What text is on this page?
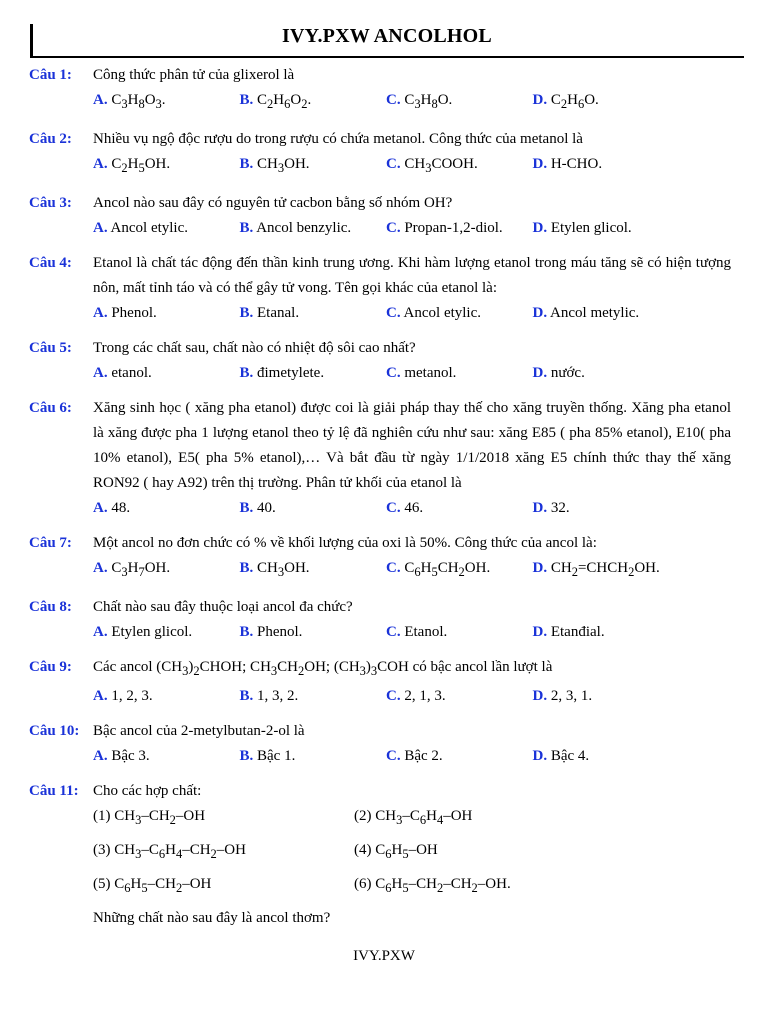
IVY.PXW ANCOLHOL
Câu 1:	Công thức phân tử của glixerol là
A. $C_3H_8O_3$.	B. $C_2H_6O_2$.	C. $C_3H_8O$.	D. $C_2H_6O$.
Câu 2:	Nhiều vụ ngộ độc rượu do trong rượu có chứa metanol. Công thức của metanol là
A. $C_2H_5OH$.	B. $CH_3OH$.	C. $CH_3COOH$.	D. H-CHO.
Câu 3:	Ancol nào sau đây có nguyên tử cacbon bằng số nhóm OH?
A. Ancol etylic.	B. Ancol benzylic.	C. Propan-1,2-diol.	D. Etylen glicol.
Câu 4:	Etanol là chất tác động đến thần kinh trung ương. Khi hàm lượng etanol trong máu tăng sẽ có hiện tượng nôn, mất tỉnh táo và có thể gây tử vong. Tên gọi khác của etanol là:
A. Phenol.	B. Etanal.	C. Ancol etylic.	D. Ancol metylic.
Câu 5:	Trong các chất sau, chất nào có nhiệt độ sôi cao nhất?
A. etanol.	B. đimetylete.	C. metanol.	D. nước.
Câu 6:	Xăng sinh học ( xăng pha etanol) được coi là giải pháp thay thế cho xăng truyền thống. Xăng pha etanol là xăng được pha 1 lượng etanol theo tỷ lệ đã nghiên cứu như sau: xăng E85 ( pha 85% etanol), E10( pha 10% etanol), E5( pha 5% etanol),… Và bắt đầu từ ngày 1/1/2018 xăng E5 chính thức thay thế xăng RON92 ( hay A92) trên thị trường. Phân tử khối của etanol là
A. 48.	B. 40.	C. 46.	D. 32.
Câu 7:	Một ancol no đơn chức có % về khối lượng của oxi là 50%. Công thức của ancol là:
A. $C_3H_7OH$.	B. $CH_3OH$.	C. $C_6H_5CH_2OH$.	D. $CH_2=CHCH_2OH$.
Câu 8:	Chất nào sau đây thuộc loại ancol đa chức?
A. Etylen glicol.	B. Phenol.	C. Etanol.	D. Etanđial.
Câu 9:	Các ancol $(CH_3)_2CHOH$; $CH_3CH_2OH$; $(CH_3)_3COH$ có bậc ancol lần lượt là
A. 1, 2, 3.	B. 1, 3, 2.	C. 2, 1, 3.	D. 2, 3, 1.
Câu 10: Bậc ancol của 2-metylbutan-2-ol là
A. Bậc 3.	B. Bậc 1.	C. Bậc 2.	D. Bậc 4.
Câu 11: Cho các hợp chất:
(1) $CH_3-CH_2-OH$	(2) $CH_3-C_6H_4-OH$
(3) $CH_3-C_6H_4-CH_2-OH$	(4) $C_6H_5-OH$
(5) $C_6H_5-CH_2-OH$	(6) $C_6H_5-CH_2-CH_2-OH$.
Những chất nào sau đây là ancol thơm?
IVY.PXW
